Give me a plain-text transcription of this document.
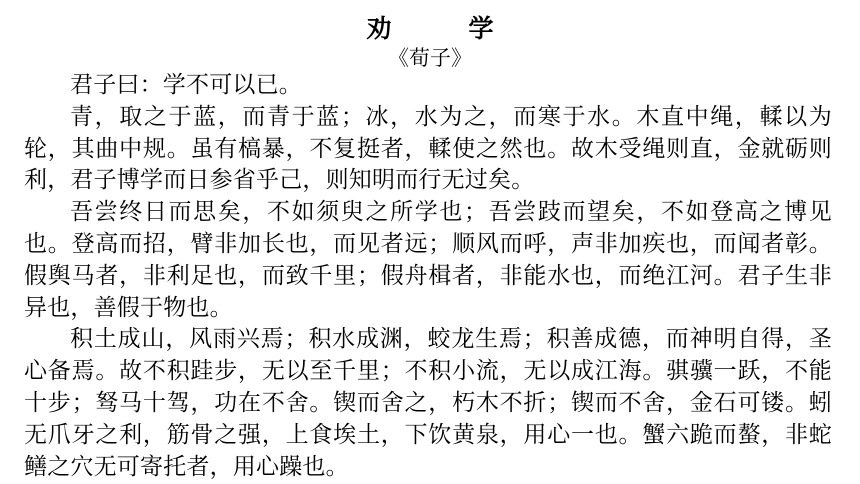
劝　学
《荀子》

君子曰：学不可以已。

青，取之于蓝，而青于蓝；冰，水为之，而寒于水。木直中绳，輮以为轮，其曲中规。虽有槁暴，不复挺者，輮使之然也。故木受绳则直，金就砺则利，君子博学而日参省乎己，则知明而行无过矣。

吾尝终日而思矣，不如须臾之所学也；吾尝跂而望矣，不如登高之博见也。登高而招，臂非加长也，而见者远；顺风而呼，声非加疾也，而闻者彰。假舆马者，非利足也，而致千里；假舟楫者，非能水也，而绝江河。君子生非异也，善假于物也。

积土成山，风雨兴焉；积水成渊，蛟龙生焉；积善成德，而神明自得，圣心备焉。故不积跬步，无以至千里；不积小流，无以成江海。骐骥一跃，不能十步；驽马十驾，功在不舍。锲而舍之，朽木不折；锲而不舍，金石可镂。蚓无爪牙之利，筋骨之强，上食埃土，下饮黄泉，用心一也。蟹六跪而螯，非蛇鳝之穴无可寄托者，用心躁也。
